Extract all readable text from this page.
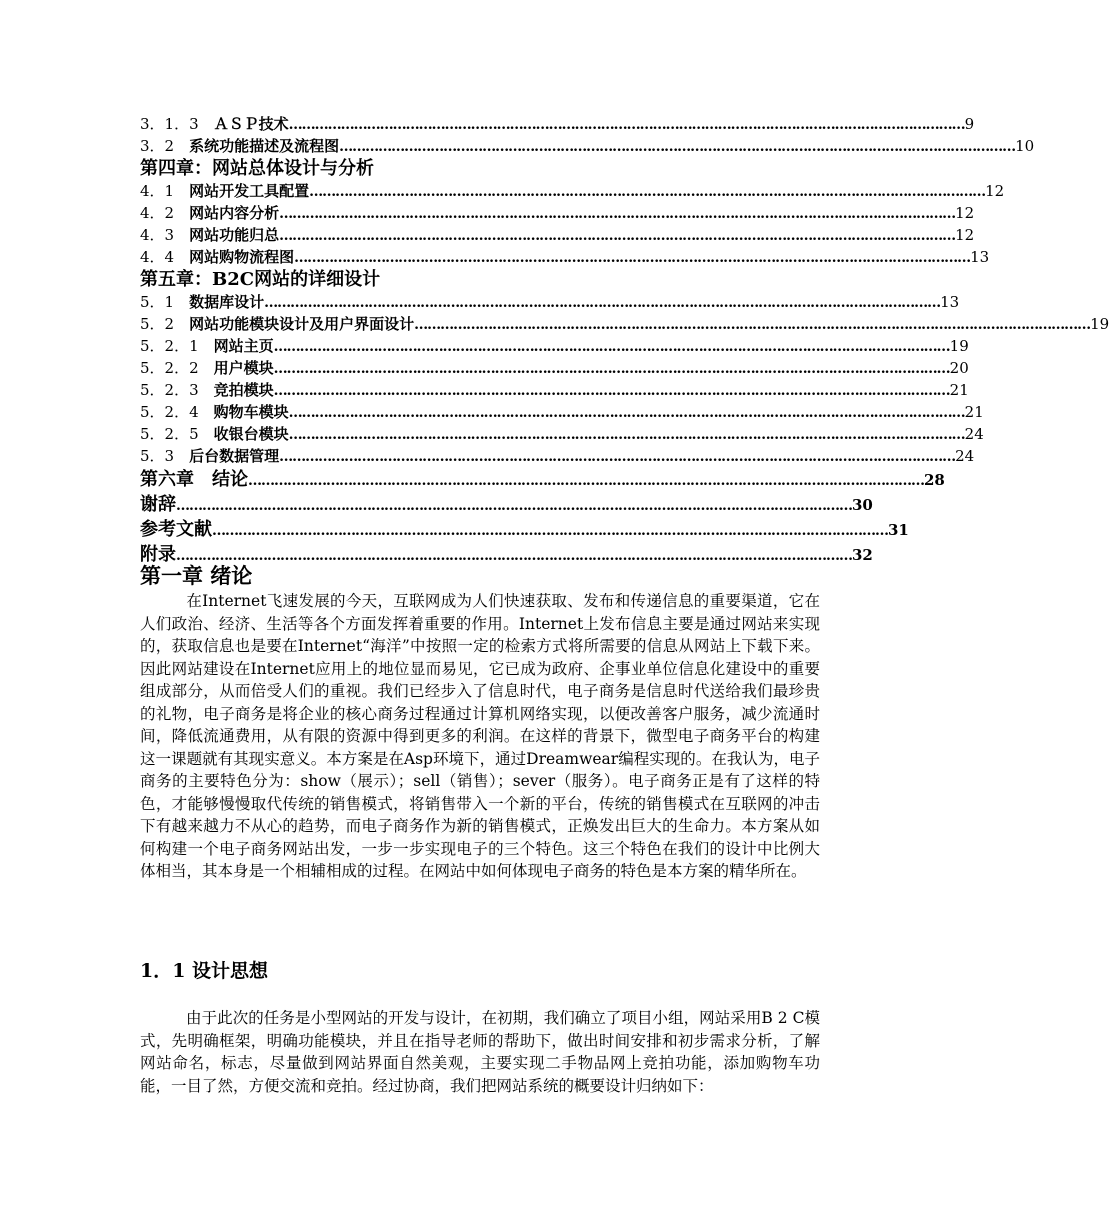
3．1．3　 ＡＳＰ技术 ………………………………………………………………………………………………………………………………………… 9
3．2　 系统功能描述及流程图 ………………………………………………………………………………………………………………………………………… 10
第四章：网站总体设计与分析
4．1　 网站开发工具配置 ………………………………………………………………………………………………………………………………………… 12
4．2　 网站内容分析 ………………………………………………………………………………………………………………………………………… 12
4．3　 网站功能归总 ………………………………………………………………………………………………………………………………………… 12
4．4　 网站购物流程图 ………………………………………………………………………………………………………………………………………… 13
第五章：B2C网站的详细设计
5．1　 数据库设计 ………………………………………………………………………………………………………………………………………… 13
5．2　 网站功能模块设计及用户界面设计 ………………………………………………………………………………………………………………………………………… 19
5．2．1　 网站主页 ………………………………………………………………………………………………………………………………………… 19
5．2．2　 用户模块 ………………………………………………………………………………………………………………………………………… 20
5．2．3　 竞拍模块 ………………………………………………………………………………………………………………………………………… 21
5．2．4　 购物车模块 ………………………………………………………………………………………………………………………………………… 21
5．2．5　 收银台模块 ………………………………………………………………………………………………………………………………………… 24
5．3　 后台数据管理 ………………………………………………………………………………………………………………………………………… 24
第六章　结论 ………………………………………………………………………………………………………………………………………… 28
谢辞 ………………………………………………………………………………………………………………………………………… 30
参考文献 ………………………………………………………………………………………………………………………………………… 31
附录 ………………………………………………………………………………………………………………………………………… 32
第一章 绪论

在Internet飞速发展的今天，互联网成为人们快速获取、发布和传递信息的重要渠道，它在人们政治、经济、生活等各个方面发挥着重要的作用。Internet上发布信息主要是通过网站来实现的，获取信息也是要在Internet“海洋”中按照一定的检索方式将所需要的信息从网站上下载下来。因此网站建设在Internet应用上的地位显而易见，它已成为政府、企事业单位信息化建设中的重要组成部分，从而倍受人们的重视。我们已经步入了信息时代，电子商务是信息时代送给我们最珍贵的礼物，电子商务是将企业的核心商务过程通过计算机网络实现，以便改善客户服务，减少流通时间，降低流通费用，从有限的资源中得到更多的利润。在这样的背景下，微型电子商务平台的构建这一课题就有其现实意义。本方案是在Asp环境下，通过Dreamwear编程实现的。在我认为，电子商务的主要特色分为：show（展示）；sell（销售）；sever（服务）。电子商务正是有了这样的特色，才能够慢慢取代传统的销售模式，将销售带入一个新的平台，传统的销售模式在互联网的冲击下有越来越力不从心的趋势，而电子商务作为新的销售模式，正焕发出巨大的生命力。本方案从如何构建一个电子商务网站出发，一步一步实现电子的三个特色。这三个特色在我们的设计中比例大体相当，其本身是一个相辅相成的过程。在网站中如何体现电子商务的特色是本方案的精华所在。

1．1 设计思想

由于此次的任务是小型网站的开发与设计，在初期，我们确立了项目小组，网站采用B 2 C模式，先明确框架，明确功能模块，并且在指导老师的帮助下，做出时间安排和初步需求分析，了解网站命名，标志，尽量做到网站界面自然美观，主要实现二手物品网上竞拍功能，添加购物车功能，一目了然，方便交流和竞拍。经过协商，我们把网站系统的概要设计归纳如下：
